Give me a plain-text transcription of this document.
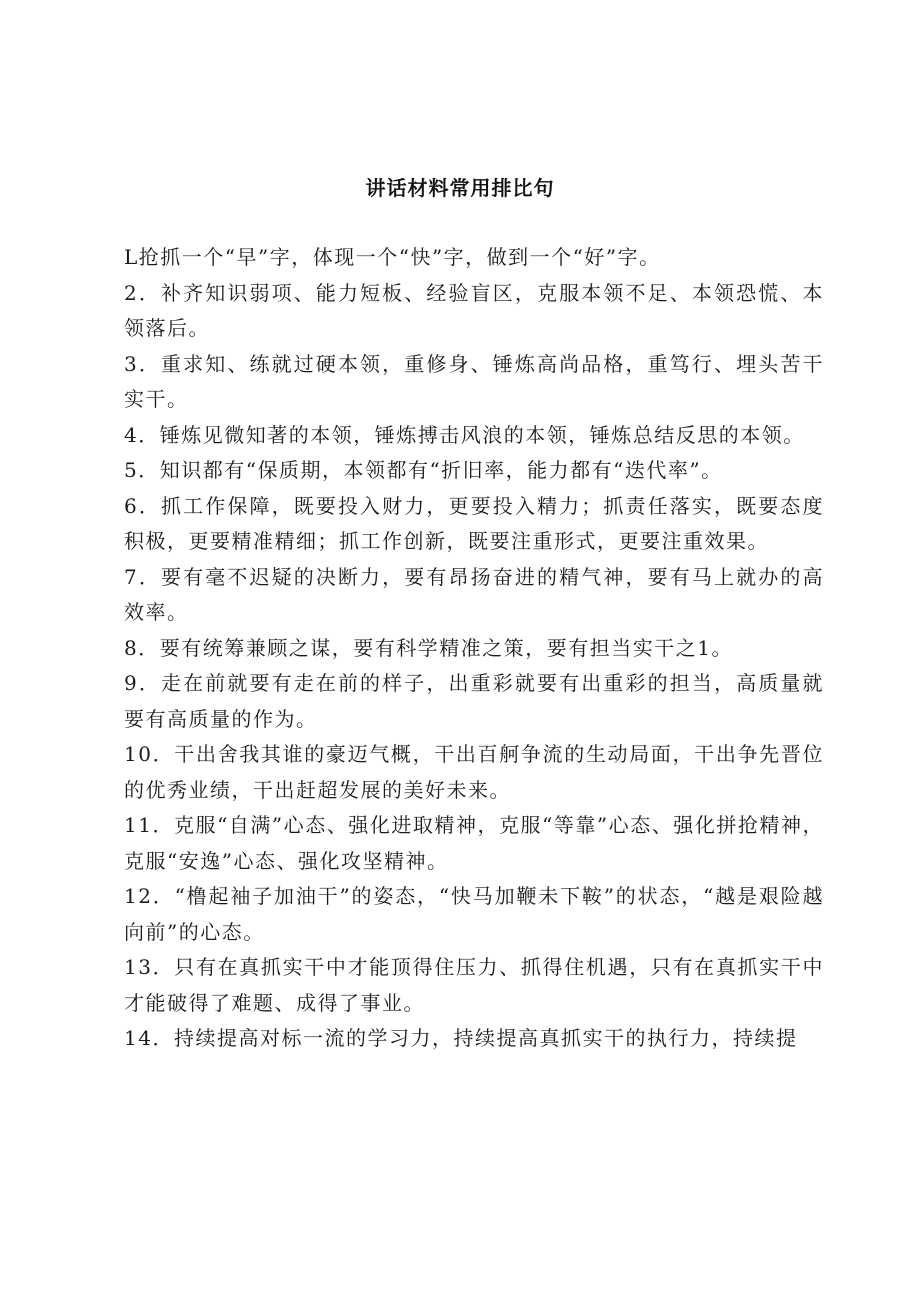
讲话材料常用排比句

L抢抓一个“早”字，体现一个“快”字，做到一个“好”字。

2．补齐知识弱项、能力短板、经验盲区，克服本领不足、本领恐慌、本领落后。

3．重求知、练就过硬本领，重修身、锤炼高尚品格，重笃行、埋头苦干实干。

4．锤炼见微知著的本领，锤炼搏击风浪的本领，锤炼总结反思的本领。

5．知识都有“保质期，本领都有“折旧率，能力都有“迭代率”。

6．抓工作保障，既要投入财力，更要投入精力；抓责任落实，既要态度积极，更要精准精细；抓工作创新，既要注重形式，更要注重效果。

7．要有毫不迟疑的决断力，要有昂扬奋进的精气神，要有马上就办的高效率。

8．要有统筹兼顾之谋，要有科学精准之策，要有担当实干之1。

9．走在前就要有走在前的样子，出重彩就要有出重彩的担当，高质量就要有高质量的作为。

10．干出舍我其谁的豪迈气概，干出百舸争流的生动局面，干出争先晋位的优秀业绩，干出赶超发展的美好未来。

11．克服“自满”心态、强化进取精神，克服“等靠”心态、强化拼抢精神，克服“安逸”心态、强化攻坚精神。

12．“橹起袖子加油干”的姿态，“快马加鞭未下鞍”的状态，“越是艰险越向前”的心态。

13．只有在真抓实干中才能顶得住压力、抓得住机遇，只有在真抓实干中才能破得了难题、成得了事业。

14．持续提高对标一流的学习力，持续提高真抓实干的执行力，持续提
